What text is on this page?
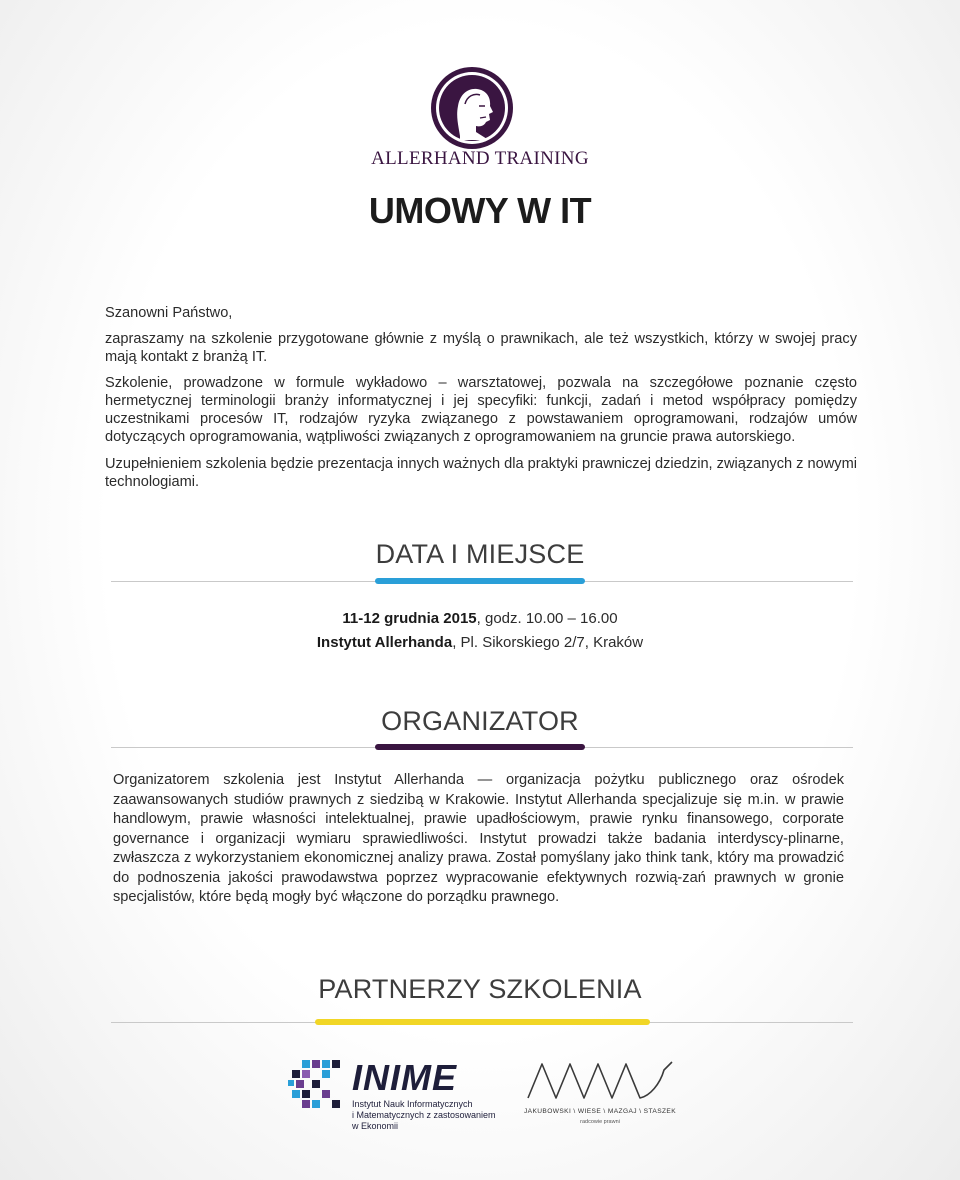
ALLERHAND TRAINING
UMOWY W IT
Szanowni Państwo,
zapraszamy na szkolenie przygotowane głównie z myślą o prawnikach, ale też wszystkich, którzy w swojej pracy mają kontakt z branżą IT.
Szkolenie, prowadzone w formule wykładowo – warsztatowej, pozwala na szczegółowe poznanie często hermetycznej terminologii branży informatycznej i jej specyfiki: funkcji, zadań i metod współpracy pomiędzy uczestnikami procesów IT, rodzajów ryzyka związanego z powstawaniem oprogramowani, rodzajów umów dotyczących oprogramowania, wątpliwości związanych z oprogramowaniem na gruncie prawa autorskiego.
Uzupełnieniem szkolenia będzie prezentacja innych ważnych dla praktyki prawniczej dziedzin, związanych z nowymi technologiami.
DATA I MIEJSCE
11-12 grudnia 2015, godz. 10.00 – 16.00
Instytut Allerhanda, Pl. Sikorskiego 2/7, Kraków
ORGANIZATOR
Organizatorem szkolenia jest Instytut Allerhanda — organizacja pożytku publicznego oraz ośrodek zaawansowanych studiów prawnych z siedzibą w Krakowie. Instytut Allerhanda specjalizuje się m.in. w prawie handlowym, prawie własności intelektualnej, prawie upadłościowym, prawie rynku finansowego, corporate governance i organizacji wymiaru sprawiedliwości. Instytut prowadzi także badania interdyscy-plinarne, zwłaszcza z wykorzystaniem ekonomicznej analizy prawa. Został pomyślany jako think tank, który ma prowadzić do podnoszenia jakości prawodawstwa poprzez wypracowanie efektywnych rozwią-zań prawnych w gronie specjalistów, które będą mogły być włączone do porządku prawnego.
PARTNERZY SZKOLENIA
INIME
Instytut Nauk Informatycznych
i Matematycznych z zastosowaniem
w Ekonomii
JAKUBOWSKI \ WIESE \ MAZGAJ \ STASZEK
radcowie prawni
